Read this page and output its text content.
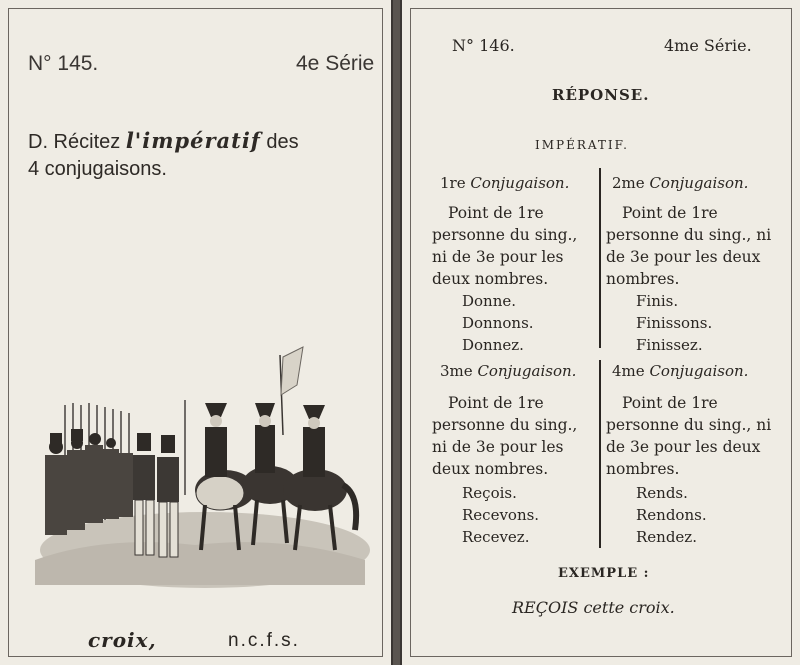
N° 145.	4e Série
D. Récitez l'impératif des
4 conjugaisons.
croix,	n.c.f.s.
N° 146.	4me Série.
RÉPONSE.
IMPÉRATIF.
1re Conjugaison.
Point de 1re personne du sing., ni de 3e pour les deux nombres.
Donne.
Donnons.
Donnez.
2me Conjugaison.
Point de 1re personne du sing., ni de 3e pour les deux nombres.
Finis.
Finissons.
Finissez.
3me Conjugaison.
Point de 1re personne du sing., ni de 3e pour les deux nombres.
Reçois.
Recevons.
Recevez.
4me Conjugaison.
Point de 1re personne du sing., ni de 3e pour les deux nombres.
Rends.
Rendons.
Rendez.
EXEMPLE :
REÇOIS cette croix.
